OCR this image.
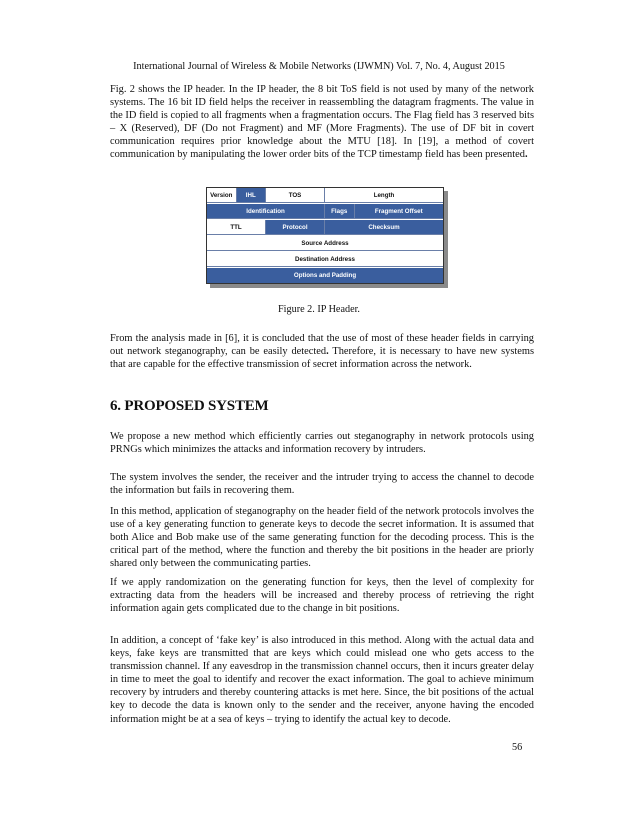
International Journal of Wireless & Mobile Networks (IJWMN) Vol. 7, No. 4, August 2015

Fig. 2 shows the IP header. In the IP header, the 8 bit ToS field is not used by many of the network systems. The 16 bit ID field helps the receiver in reassembling the datagram fragments. The value in the ID field is copied to all fragments when a fragmentation occurs. The Flag field has 3 reserved bits – X (Reserved), DF (Do not Fragment) and MF (More Fragments). The use of DF bit in covert communication requires prior knowledge about the MTU [18]. In [19], a method of covert communication by manipulating the lower order bits of the TCP timestamp field has been presented.

Version	IHL	TOS	Length
Identification	Flags	Fragment Offset
TTL	Protocol	Checksum
Source Address
Destination Address
Options and Padding
Figure 2. IP Header.

From the analysis made in [6], it is concluded that the use of most of these header fields in carrying out network steganography, can be easily detected. Therefore, it is necessary to have new systems that are capable for the effective transmission of secret information across the network.

6. PROPOSED SYSTEM

We propose a new method which efficiently carries out steganography in network protocols using PRNGs which minimizes the attacks and information recovery by intruders.

The system involves the sender, the receiver and the intruder trying to access the channel to decode the information but fails in recovering them.

In this method, application of steganography on the header field of the network protocols involves the use of a key generating function to generate keys to decode the secret information. It is assumed that both Alice and Bob make use of the same generating function for the decoding process. This is the critical part of the method, where the function and thereby the bit positions in the header are priorly shared only between the communicating parties.

If we apply randomization on the generating function for keys, then the level of complexity for extracting data from the headers will be increased and thereby process of retrieving the right information again gets complicated due to the change in bit positions.

In addition, a concept of ‘fake key’ is also introduced in this method. Along with the actual data and keys, fake keys are transmitted that are keys which could mislead one who gets access to the transmission channel. If any eavesdrop in the transmission channel occurs, then it incurs greater delay in time to meet the goal to identify and recover the exact information. The goal to achieve minimum recovery by intruders and thereby countering attacks is met here. Since, the bit positions of the actual key to decode the data is known only to the sender and the receiver, anyone having the encoded information might be at a sea of keys – trying to identify the actual key to decode.

56
